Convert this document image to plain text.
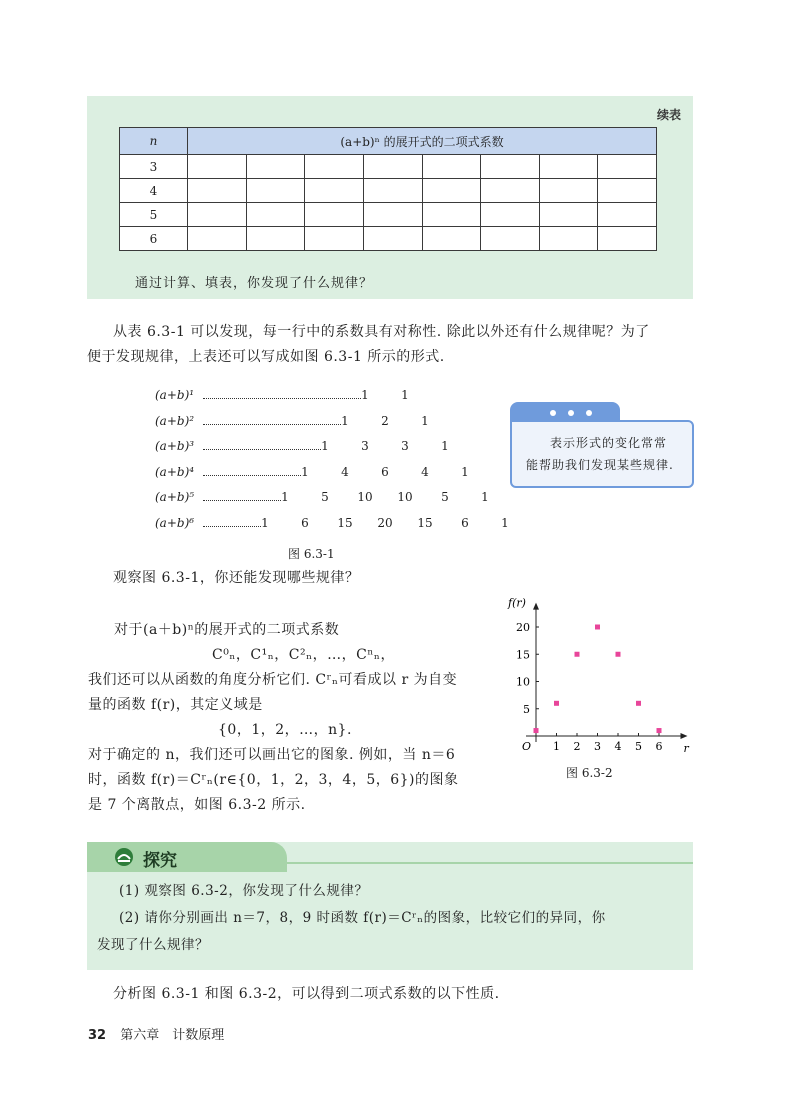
续表
n	(a+b)ⁿ 的展开式的二项式系数							
3								
4								
5								
6								
通过计算、填表，你发现了什么规律？
从表 6.3-1 可以发现，每一行中的系数具有对称性. 除此以外还有什么规律呢？为了
便于发现规律，上表还可以写成如图 6.3-1 所示的形式.
(a+b)¹	1	1
(a+b)²	1	2	1
(a+b)³	1	3	3	1
(a+b)⁴	1	4	6	4	1
(a+b)⁵	1	5	10	10	5	1
(a+b)⁶	1	6	15	20	15	6	1
图 6.3-1
表示形式的变化常常
能帮助我们发现某些规律.
观察图 6.3-1，你还能发现哪些规律？
对于(a＋b)ⁿ的展开式的二项式系数
C⁰ₙ，C¹ₙ，C²ₙ，…，Cⁿₙ，
我们还可以从函数的角度分析它们. Cʳₙ可看成以 r 为自变
量的函数 f(r)，其定义域是
{0，1，2，…，n}.
对于确定的 n，我们还可以画出它的图象. 例如，当 n＝6
时，函数 f(r)＝Cʳₙ(r∈{0，1，2，3，4，5，6})的图象
是 7 个离散点，如图 6.3-2 所示.
f(r)
r
O 1 2 3 4 5 6
5
10
15
20
图 6.3-2
探究
(1) 观察图 6.3-2，你发现了什么规律？
(2) 请你分别画出 n＝7，8，9 时函数 f(r)＝Cʳₙ的图象，比较它们的异同，你
发现了什么规律？
分析图 6.3-1 和图 6.3-2，可以得到二项式系数的以下性质.
32 第六章　计数原理
